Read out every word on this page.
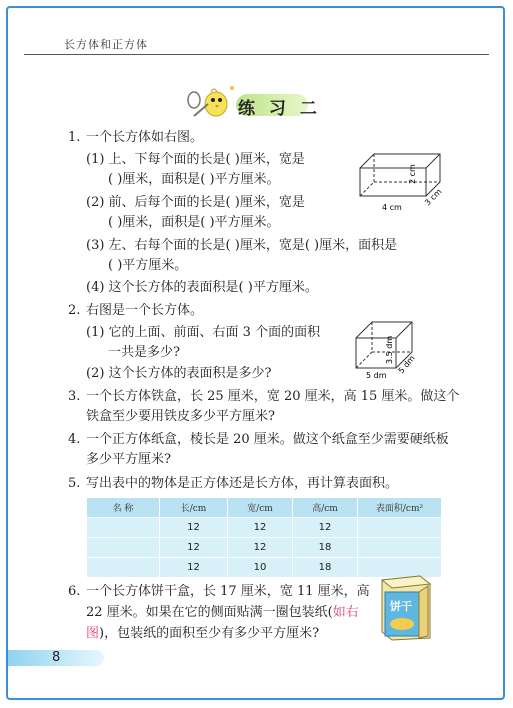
长方体和正方体
练 习 二
1. 一个长方体如右图。
(1) 上、下每个面的长是( )厘米，宽是
( )厘米，面积是( )平方厘米。
(2) 前、后每个面的长是( )厘米，宽是
( )厘米，面积是( )平方厘米。
(3) 左、右每个面的长是( )厘米，宽是( )厘米，面积是
( )平方厘米。
(4) 这个长方体的表面积是( )平方厘米。
2 cm
4 cm
3 cm
2. 右图是一个长方体。
(1) 它的上面、前面、右面 3 个面的面积
一共是多少?
(2) 这个长方体的表面积是多少?
3.5 dm
5 dm
5 dm
3. 一个长方体铁盒，长 25 厘米，宽 20 厘米，高 15 厘米。做这个
铁盒至少要用铁皮多少平方厘米?
4. 一个正方体纸盒，棱长是 20 厘米。做这个纸盒至少需要硬纸板
多少平方厘米?
5. 写出表中的物体是正方体还是长方体，再计算表面积。
名 称	长/cm	宽/cm	高/cm	表面积/cm²
	12	12	12	
	12	12	18	
	12	10	18	
6. 一个长方体饼干盒，长 17 厘米，宽 11 厘米，高
22 厘米。如果在它的侧面贴满一圈包装纸(如右
图)，包装纸的面积至少有多少平方厘米?
饼干
8
